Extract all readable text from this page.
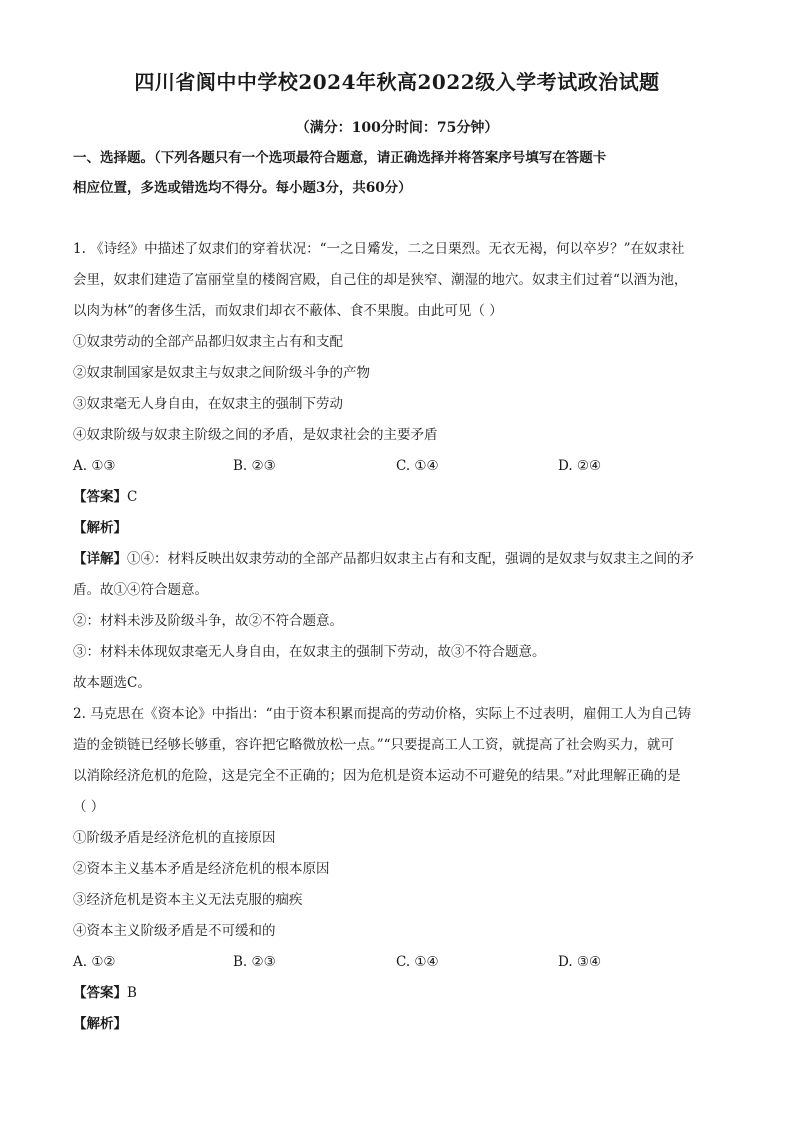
四川省阆中中学校2024年秋高2022级入学考试政治试题
（满分：100分时间：75分钟）
一、选择题。（下列各题只有一个选项最符合题意，请正确选择并将答案序号填写在答题卡
相应位置，多选或错选均不得分。每小题3分，共60分）
1. 《诗经》中描述了奴隶们的穿着状况：“一之日觱发，二之日栗烈。无衣无褐，何以卒岁？”在奴隶社
会里，奴隶们建造了富丽堂皇的楼阁宫殿，自己住的却是狭窄、潮湿的地穴。奴隶主们过着“以酒为池，
以肉为林”的奢侈生活，而奴隶们却衣不蔽体、食不果腹。由此可见（ ）
①奴隶劳动的全部产品都归奴隶主占有和支配
②奴隶制国家是奴隶主与奴隶之间阶级斗争的产物
③奴隶毫无人身自由，在奴隶主的强制下劳动
④奴隶阶级与奴隶主阶级之间的矛盾，是奴隶社会的主要矛盾
A. ①③	B. ②③	C. ①④	D. ②④
【答案】C
【解析】
【详解】①④：材料反映出奴隶劳动的全部产品都归奴隶主占有和支配，强调的是奴隶与奴隶主之间的矛
盾。故①④符合题意。
②：材料未涉及阶级斗争，故②不符合题意。
③：材料未体现奴隶毫无人身自由，在奴隶主的强制下劳动，故③不符合题意。
故本题选C。
2. 马克思在《资本论》中指出：“由于资本积累而提高的劳动价格，实际上不过表明，雇佣工人为自己铸
造的金锁链已经够长够重，容许把它略微放松一点。”“只要提高工人工资，就提高了社会购买力，就可
以消除经济危机的危险，这是完全不正确的；因为危机是资本运动不可避免的结果。”对此理解正确的是
（ ）
①阶级矛盾是经济危机的直接原因
②资本主义基本矛盾是经济危机的根本原因
③经济危机是资本主义无法克服的痼疾
④资本主义阶级矛盾是不可缓和的
A. ①②	B. ②③	C. ①④	D. ③④
【答案】B
【解析】
